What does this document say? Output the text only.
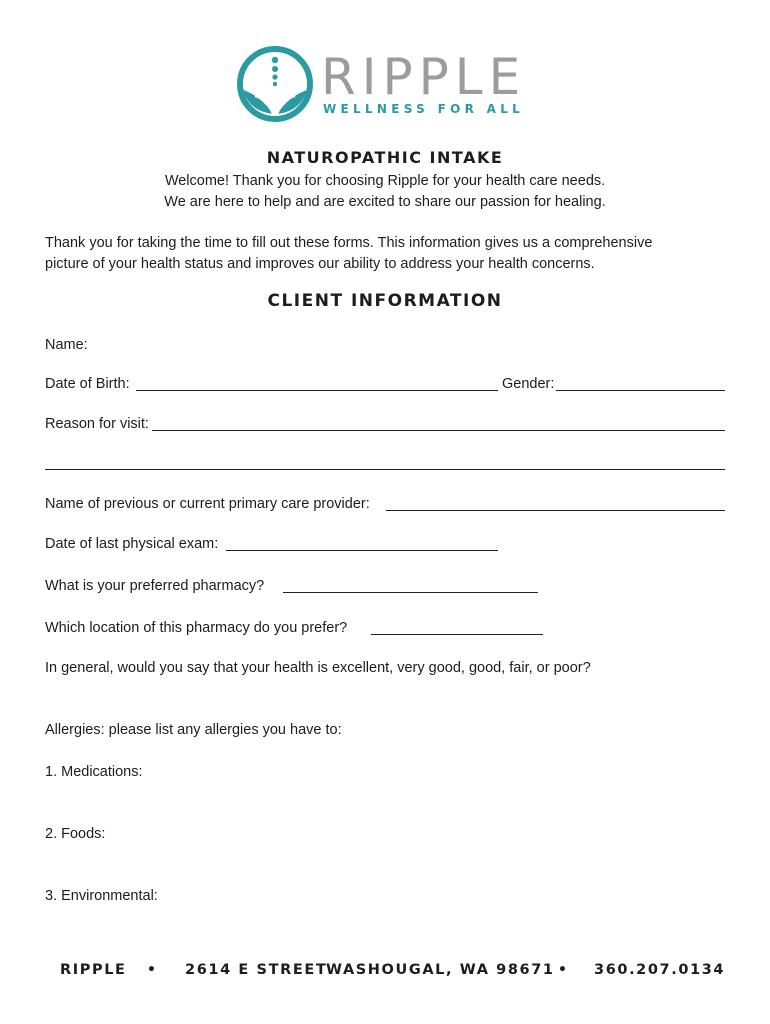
RIPPLE
WELLNESS FOR ALL
NATUROPATHIC INTAKE
Welcome! Thank you for choosing Ripple for your health care needs.
We are here to help and are excited to share our passion for healing.
Thank you for taking the time to fill out these forms. This information gives us a comprehensive
picture of your health status and improves our ability to address your health concerns.
CLIENT INFORMATION
Name:
Date of Birth:	Gender:
Reason for visit:
Name of previous or current primary care provider:
Date of last physical exam:
What is your preferred pharmacy?
Which location of this pharmacy do you prefer?
In general, would you say that your health is excellent, very good, good, fair, or poor?
Allergies: please list any allergies you have to:
1. Medications:
2. Foods:
3. Environmental:
RIPPLE • 2614 E STREET
WASHOUGAL, WA 98671 • 360.207.0134
